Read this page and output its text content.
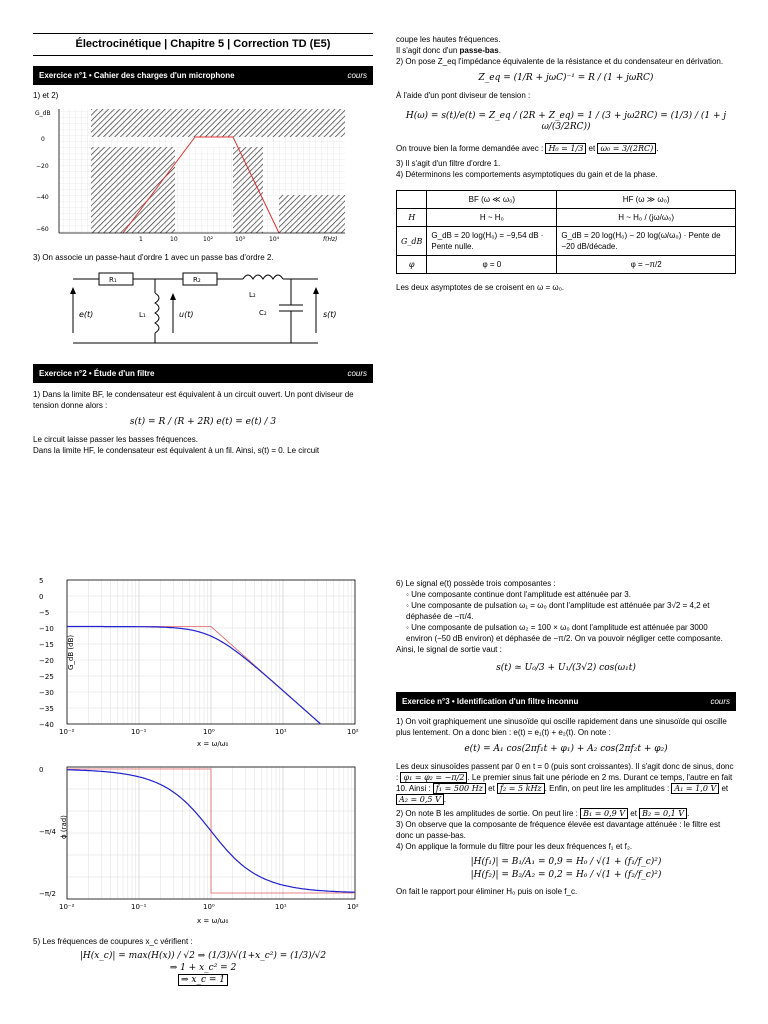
Électrocinétique | Chapitre 5 | Correction TD (E5)
Exercice n°1 • Cahier des charges d'un microphone	cours

1) et 2)

G_dB
0
−20
−40
−60
1	10	10²	10³	10⁴	f(Hz)

3) On associe un passe-haut d'ordre 1 avec un passe bas d'ordre 2.

R₁	R₂
L₂
L₁	C₂
e(t)	u(t)	s(t)
Exercice n°2 • Étude d'un filtre	cours

1) Dans la limite BF, le condensateur est équivalent à un circuit ouvert. Un pont diviseur de tension donne alors :

s(t) = R / (R + 2R) e(t) = e(t) / 3

Le circuit laisse passer les basses fréquences.

Dans la limite HF, le condensateur est équivalent à un fil. Ainsi, s(t) = 0. Le circuit

coupe les hautes fréquences.

Il s'agit donc d'un passe-bas.

2) On pose Z_eq l'impédance équivalente de la résistance et du condensateur en dérivation.

Z_eq = (1/R + jωC)⁻¹ = R / (1 + jωRC)

À l'aide d'un pont diviseur de tension :

H(ω) = s(t)/e(t) = Z_eq / (2R + Z_eq) = 1 / (3 + jω2RC) = (1/3) / (1 + j ω/(3/2RC))

On trouve bien la forme demandée avec : H₀ = 1/3 et ω₀ = 3/(2RC) .

3) Il s'agit d'un filtre d'ordre 1.

4) Déterminons les comportements asymptotiques du gain et de la phase.

	BF (ω ≪ ω₀)	HF (ω ≫ ω₀)
H	H ~ H₀	H ~ H₀ / (jω/ω₀)
G_dB	G_dB = 20 log(H₀) = −9,54 dB · Pente nulle.	G_dB = 20 log(H₀) − 20 log(ω/ω₀) · Pente de −20 dB/décade.
φ	φ = 0	φ = −π/2

Les deux asymptotes de se croisent en ω = ω₀.

G_dB (dB)
5
0
−5
−10
−15
−20
−25
−30
−35
−40
10⁻²	10⁻¹	10⁰	10¹	10²
x = ω/ω₀

ϕ (rad)
0
−π/4
−π/2
10⁻²	10⁻¹	10⁰	10¹	10²
x = ω/ω₀

5) Les fréquences de coupures x_c vérifient :

|H(x_c)| = max(H(x)) / √2 ⇒ (1/3)/√(1+x_c²) = (1/3)/√2
⇒ 1 + x_c² = 2
⇒ x_c = 1

6) Le signal e(t) possède trois composantes :

◦ Une composante continue dont l'amplitude est atténuée par 3.
◦ Une composante de pulsation ω₁ = ω₀ dont l'amplitude est atténuée par 3√2 = 4,2 et déphasée de −π/4.
◦ Une composante de pulsation ω₂ = 100 × ω₀ dont l'amplitude est atténuée par 3000 environ (−50 dB environ) et déphasée de −π/2. On va pouvoir négliger cette composante.

Ainsi, le signal de sortie vaut :

s(t) ≃ U₀/3 + U₁/(3√2) cos(ω₁t)
Exercice n°3 • Identification d'un filtre inconnu	cours

1) On voit graphiquement une sinusoïde qui oscille rapidement dans une sinusoïde qui oscille plus lentement. On a donc bien : e(t) = e₁(t) + e₂(t). On note :

e(t) = A₁ cos(2πf₁t + φ₁) + A₂ cos(2πf₂t + φ₂)

Les deux sinusoïdes passent par 0 en t = 0 (puis sont croissantes). Il s'agit donc de sinus, donc : φ₁ = φ₂ = −π/2 . Le premier sinus fait une période en 2 ms. Durant ce temps, l'autre en fait 10. Ainsi : f₁ = 500 Hz et f₂ = 5 kHz . Enfin, on peut lire les amplitudes : A₁ = 1,0 V et A₂ = 0,5 V .

2) On note B les amplitudes de sortie. On peut lire : B₁ = 0,9 V et B₂ = 0,1 V .

3) On observe que la composante de fréquence élevée est davantage atténuée : le filtre est donc un passe-bas.

4) On applique la formule du filtre pour les deux fréquences f₁ et f₂.

|H(f₁)| = B₁/A₁ = 0,9 = H₀ / √(1 + (f₁/f_c)²)
|H(f₂)| = B₂/A₂ = 0,2 = H₀ / √(1 + (f₂/f_c)²)

On fait le rapport pour éliminer H₀ puis on isole f_c.
